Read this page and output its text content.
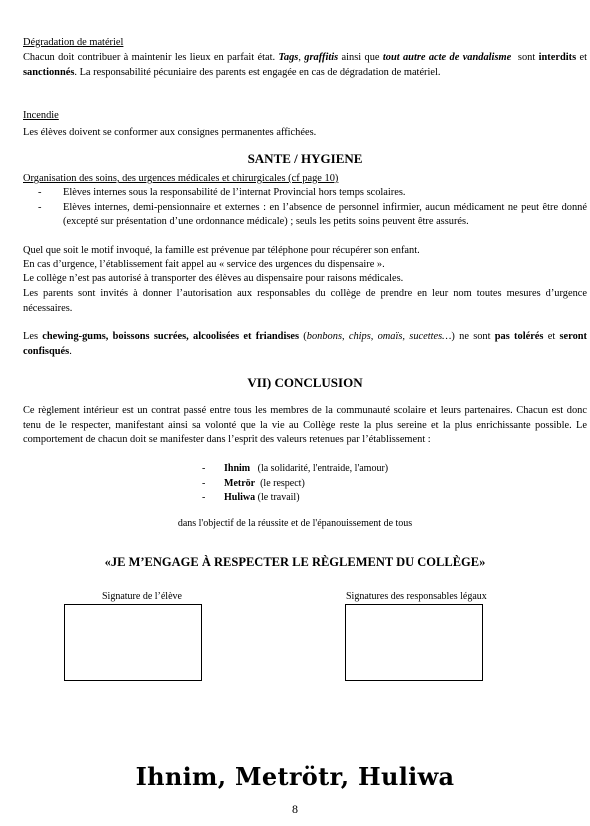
Dégradation de matériel
Chacun doit contribuer à maintenir les lieux en parfait état. Tags, graffitis ainsi que tout autre acte de vandalisme  sont interdits et sanctionnés. La responsabilité pécuniaire des parents est engagée en cas de dégradation de matériel.
Incendie
Les élèves doivent se conformer aux consignes permanentes affichées.
SANTE / HYGIENE
Organisation des soins, des urgences médicales et chirurgicales (cf page 10)
- Elèves internes sous la responsabilité de l’internat Provincial hors temps scolaires.
- Elèves internes, demi-pensionnaire et externes : en l’absence de personnel infirmier, aucun médicament ne peut être donné (excepté sur présentation d’une ordonnance médicale) ; seuls les petits soins peuvent être assurés.
Quel que soit le motif invoqué, la famille est prévenue par téléphone pour récupérer son enfant.
En cas d’urgence, l’établissement fait appel au « service des urgences du dispensaire ».
Le collège n’est pas autorisé à transporter des élèves au dispensaire pour raisons médicales.
Les parents sont invités à donner l’autorisation aux responsables du collège de prendre en leur nom toutes mesures d’urgence nécessaires.
Les chewing-gums, boissons sucrées, alcoolisées et friandises (bonbons, chips, omaïs, sucettes…) ne sont pas tolérés et seront confisqués.
VII) CONCLUSION
Ce règlement intérieur est un contrat passé entre tous les membres de la communauté scolaire et leurs partenaires. Chacun est donc tenu de le respecter, manifestant ainsi sa volonté que la vie au Collège reste la plus sereine et la plus enrichissante possible. Le comportement de chacun doit se manifester dans l’esprit des valeurs retenues par l’établissement :
- Ihnim (la solidarité, l'entraide, l'amour)
- Metrör (le respect)
- Huliwa (le travail)
dans l'objectif de la réussite et de l'épanouissement de tous
«JE M’ENGAGE À RESPECTER LE RÈGLEMENT DU COLLÈGE»
Signature de l’élève	Signatures des responsables légaux
Ihnim, Metrötr, Huliwa
8
